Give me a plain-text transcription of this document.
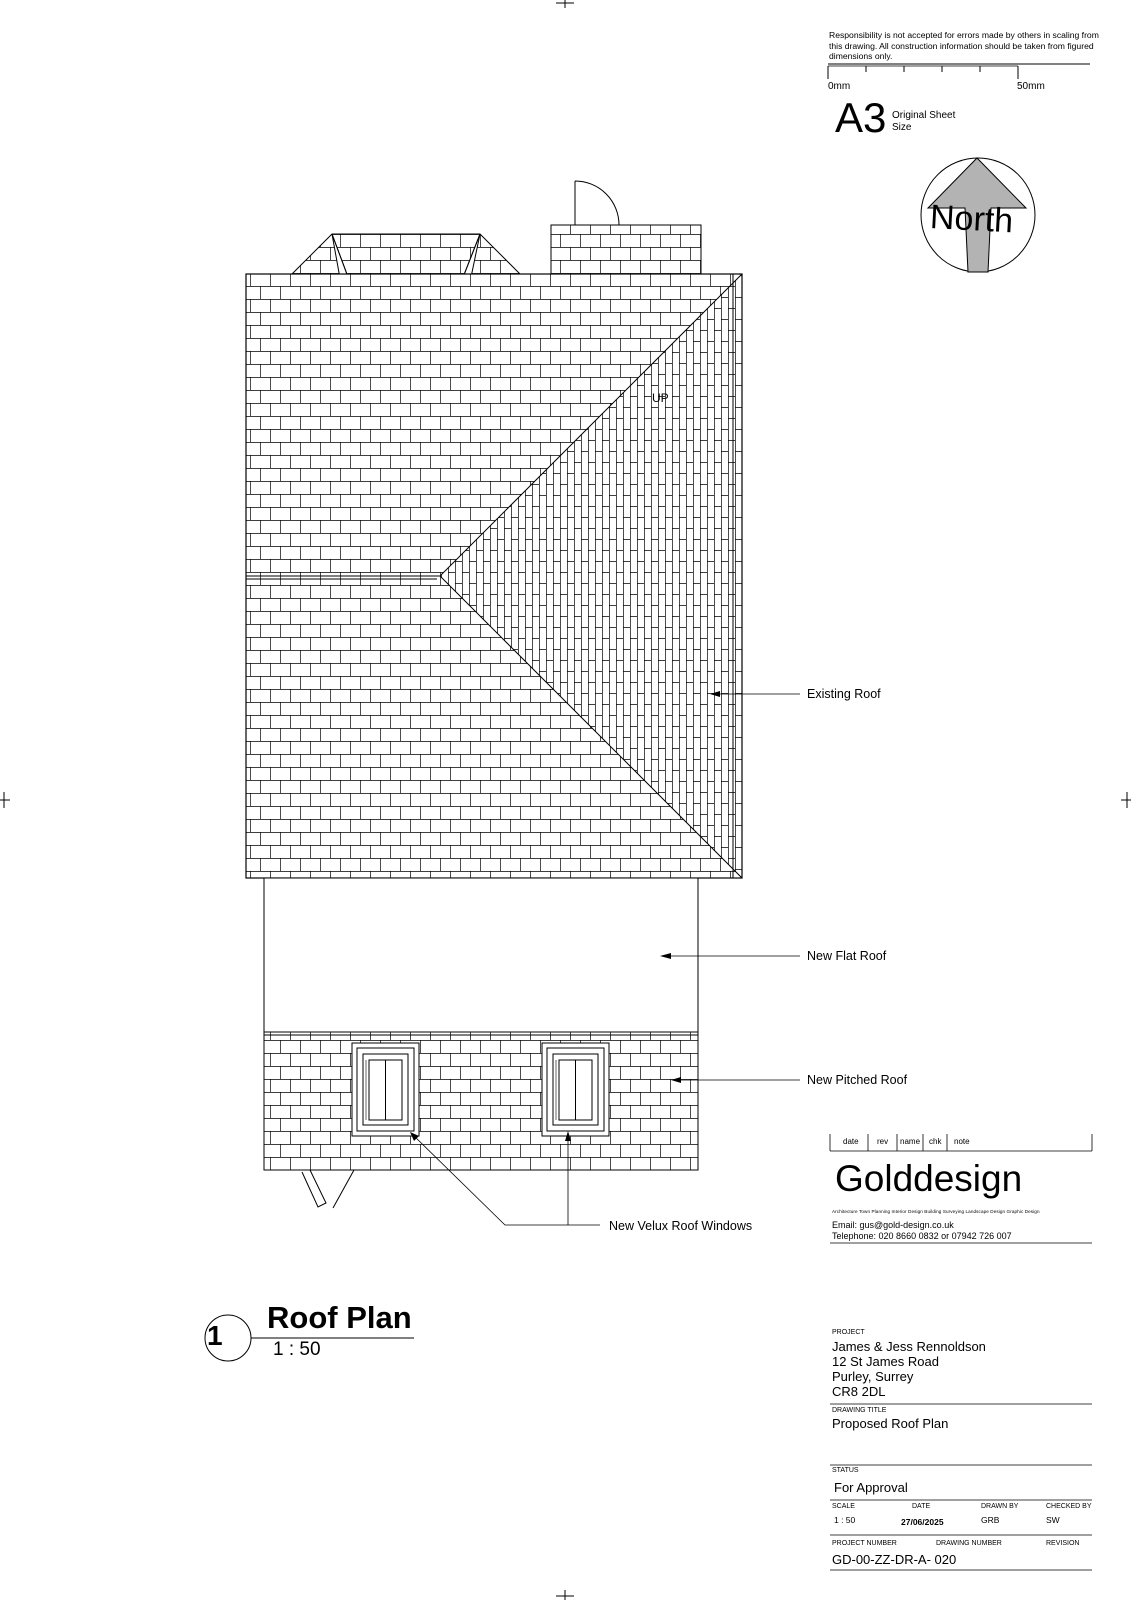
Responsibility is not accepted for errors made by others in scaling from this drawing. All construction information should be taken from figured dimensions only.
0mm	50mm
A3 Original Sheet Size
North
UP
Existing Roof
New Flat Roof
New Pitched Roof
New Velux Roof Windows
date rev name chk note
Golddesign
Architecture Town Planning Interior Design Building Surveying Landscape Design Graphic Design
Email: gus@gold-design.co.uk
Telephone: 020 8660 0832 or 07942 726 007
1
Roof Plan
1 : 50
PROJECT
James & Jess Rennoldson
12 St James Road
Purley, Surrey
CR8 2DL
DRAWING TITLE
Proposed Roof Plan
STATUS
For Approval
SCALE	DATE	DRAWN BY	CHECKED BY
1 : 50	27/06/2025	GRB	SW
PROJECT NUMBER	DRAWING NUMBER	REVISION
GD-00-ZZ-DR-A- 020
